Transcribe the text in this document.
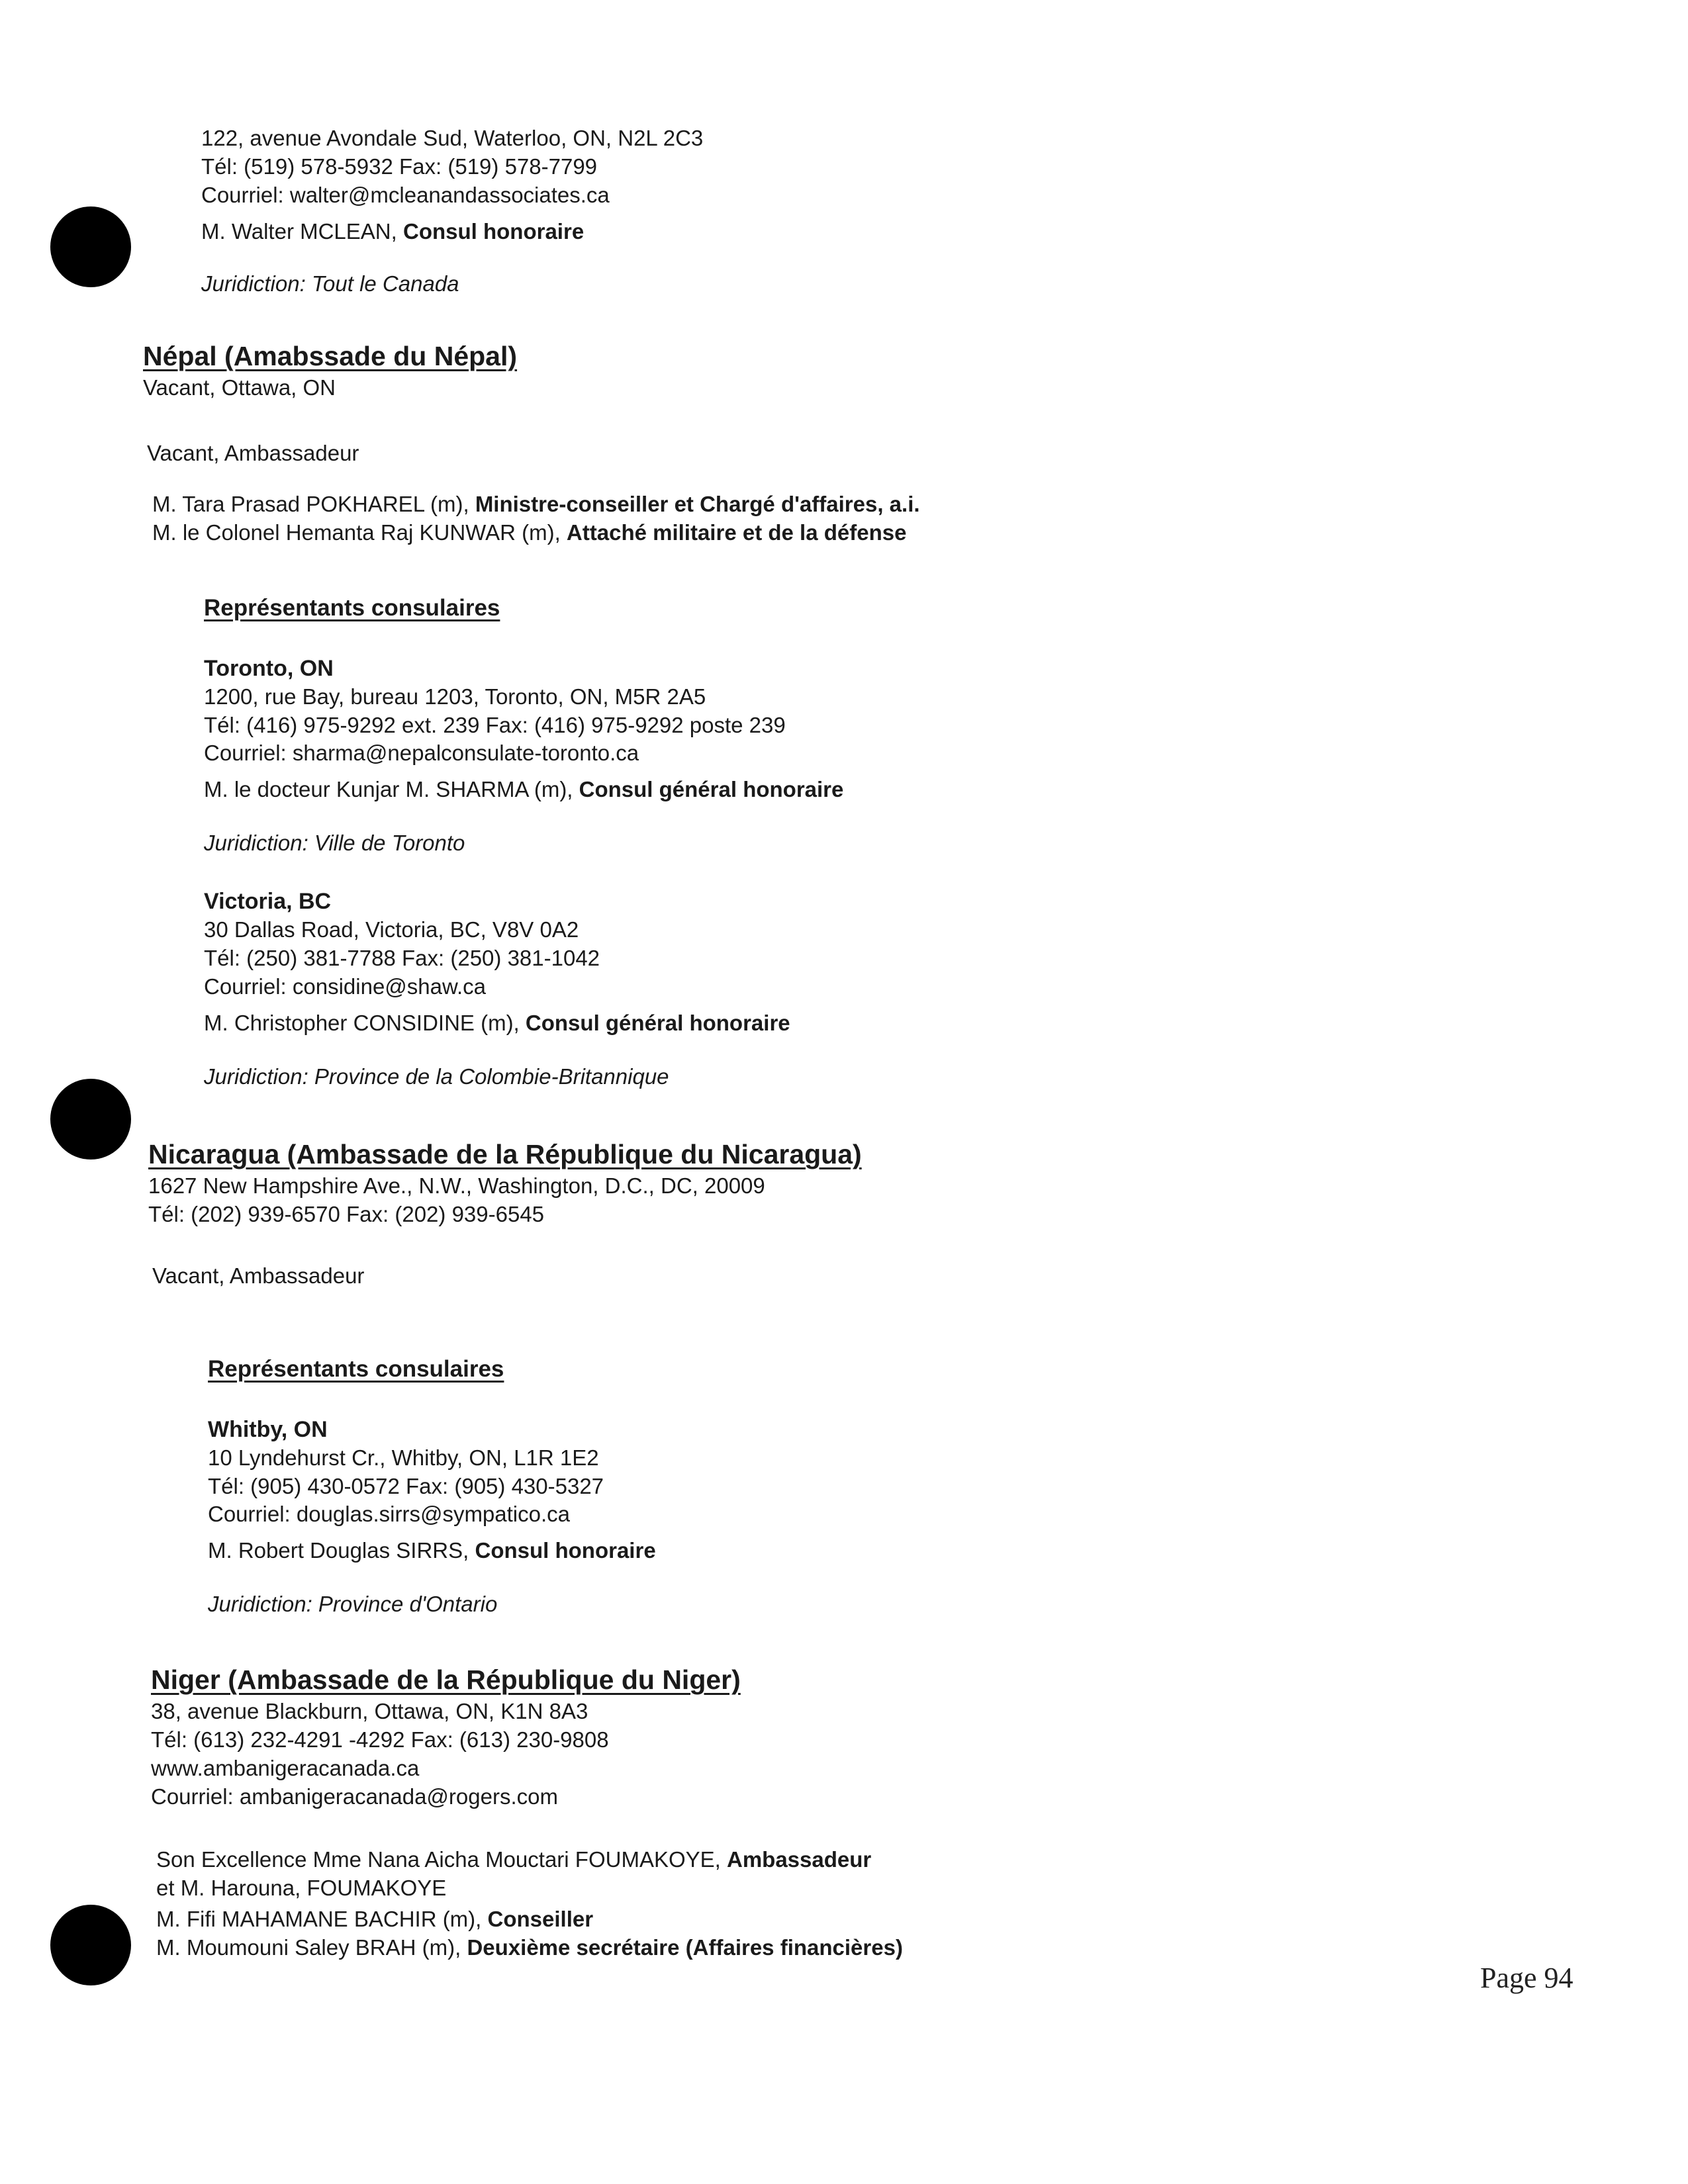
122, avenue Avondale Sud, Waterloo, ON, N2L 2C3
Tél: (519) 578-5932 Fax: (519) 578-7799
Courriel: walter@mcleanandassociates.ca
M. Walter MCLEAN, Consul honoraire
Juridiction: Tout le Canada
Népal (Amabssade du Népal)
Vacant, Ottawa, ON
Vacant, Ambassadeur
M. Tara Prasad POKHAREL (m), Ministre-conseiller et Chargé d'affaires, a.i.
M. le Colonel Hemanta Raj KUNWAR (m), Attaché militaire et de la défense
Représentants consulaires
Toronto, ON
1200, rue Bay, bureau 1203, Toronto, ON, M5R 2A5
Tél: (416) 975-9292 ext. 239 Fax: (416) 975-9292 poste 239
Courriel: sharma@nepalconsulate-toronto.ca
M. le docteur Kunjar M. SHARMA (m), Consul général honoraire
Juridiction: Ville de Toronto
Victoria, BC
30 Dallas Road, Victoria, BC, V8V 0A2
Tél: (250) 381-7788 Fax: (250) 381-1042
Courriel: considine@shaw.ca
M. Christopher CONSIDINE (m), Consul général honoraire
Juridiction: Province de la Colombie-Britannique
Nicaragua (Ambassade de la République du Nicaragua)
1627 New Hampshire Ave., N.W., Washington, D.C., DC, 20009
Tél: (202) 939-6570 Fax: (202) 939-6545
Vacant, Ambassadeur
Représentants consulaires
Whitby, ON
10 Lyndehurst Cr., Whitby, ON, L1R 1E2
Tél: (905) 430-0572 Fax: (905) 430-5327
Courriel: douglas.sirrs@sympatico.ca
M. Robert Douglas SIRRS, Consul honoraire
Juridiction: Province d'Ontario
Niger (Ambassade de la République du Niger)
38, avenue Blackburn, Ottawa, ON, K1N 8A3
Tél: (613) 232-4291 -4292 Fax: (613) 230-9808
www.ambanigeracanada.ca
Courriel: ambanigeracanada@rogers.com
Son Excellence Mme Nana Aicha Mouctari FOUMAKOYE, Ambassadeur
et M. Harouna, FOUMAKOYE
M. Fifi MAHAMANE BACHIR (m), Conseiller
M. Moumouni Saley BRAH (m), Deuxième secrétaire (Affaires financières)
Page 94
